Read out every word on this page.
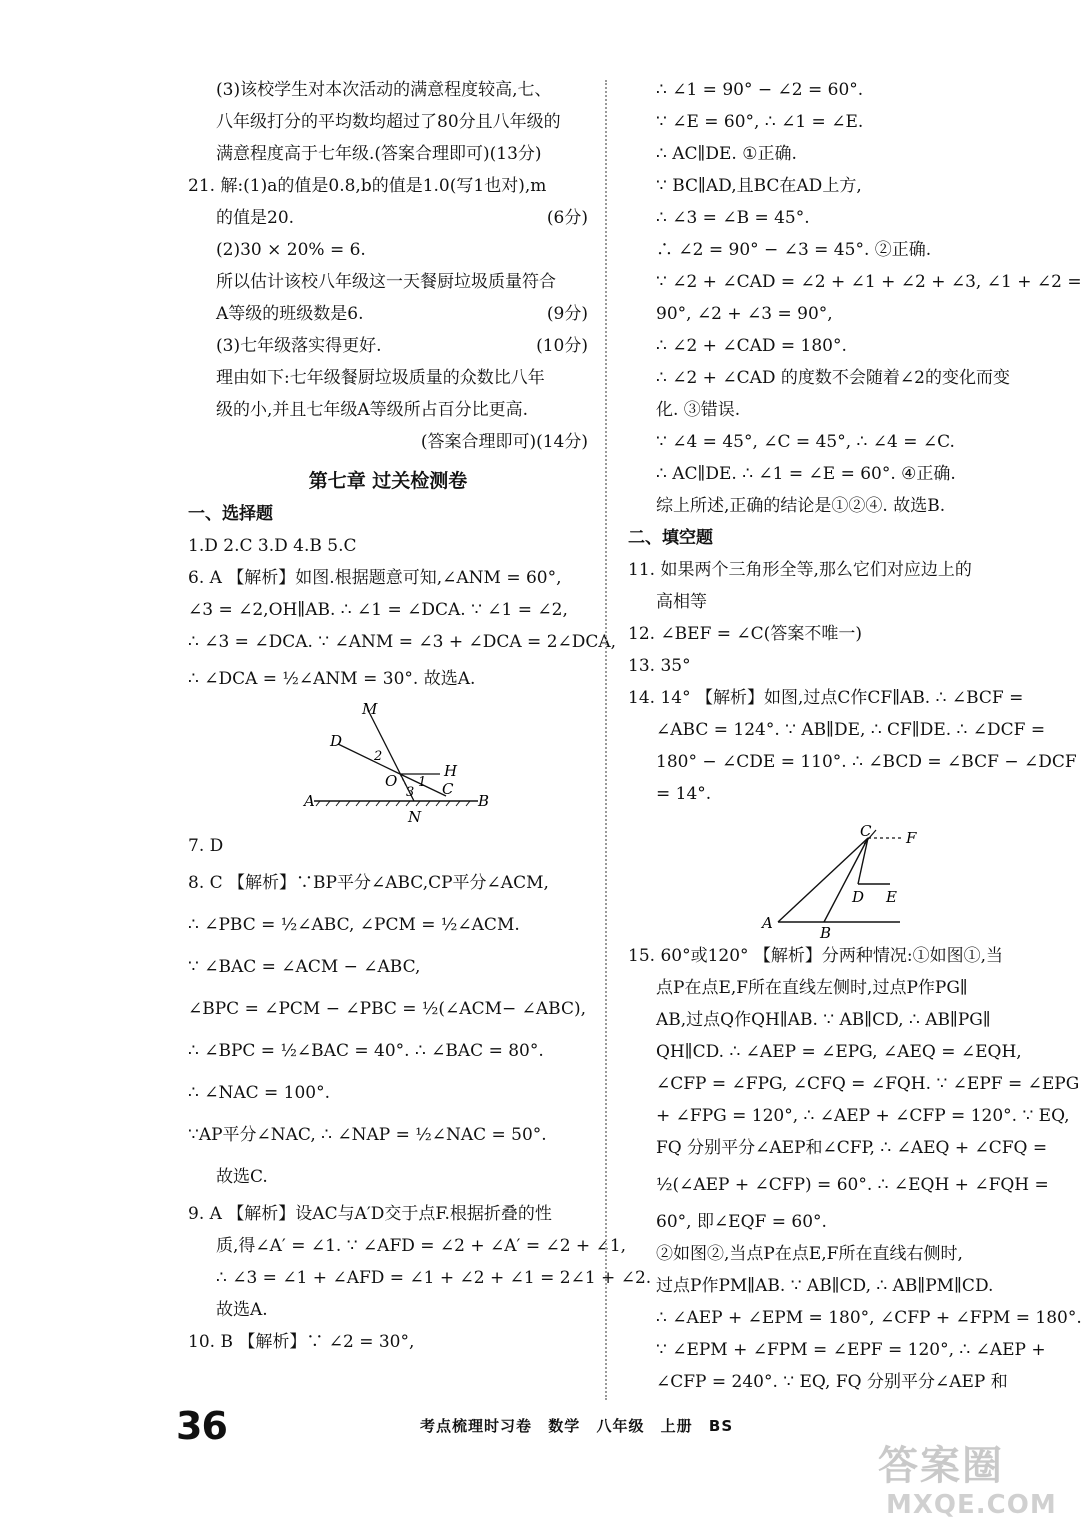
(3)该校学生对本次活动的满意程度较高,七、
八年级打分的平均数均超过了80分且八年级的
满意程度高于七年级.(答案合理即可)(13分)
21. 解:(1)a的值是0.8,b的值是1.0(写1也对),m
的值是20.	(6分)
(2)30 × 20% = 6.
所以估计该校八年级这一天餐厨垃圾质量符合
A等级的班级数是6.	(9分)
(3)七年级落实得更好.	(10分)
理由如下:七年级餐厨垃圾质量的众数比八年
级的小,并且七年级A等级所占百分比更高.
(答案合理即可)(14分)
第七章 过关检测卷
一、选择题
1.D 2.C 3.D 4.B 5.C
6. A 【解析】如图.根据题意可知,∠ANM = 60°,
∠3 = ∠2,OH∥AB. ∴ ∠1 = ∠DCA. ∵ ∠1 = ∠2,
∴ ∠3 = ∠DCA. ∵ ∠ANM = ∠3 + ∠DCA = 2∠DCA,
∴ ∠DCA = ½∠ANM = 30°. 故选A.
M
D
2
O 1
3
H
C
A
N
B
7. D
8. C 【解析】∵BP平分∠ABC,CP平分∠ACM,
∴ ∠PBC = ½∠ABC, ∠PCM = ½∠ACM.
∵ ∠BAC = ∠ACM − ∠ABC,
∠BPC = ∠PCM − ∠PBC = ½(∠ACM− ∠ABC),
∴ ∠BPC = ½∠BAC = 40°. ∴ ∠BAC = 80°.
∴ ∠NAC = 100°.
∵AP平分∠NAC, ∴ ∠NAP = ½∠NAC = 50°.
故选C.
9. A 【解析】设AC与A′D交于点F.根据折叠的性
质,得∠A′ = ∠1. ∵ ∠AFD = ∠2 + ∠A′ = ∠2 + ∠1,
∴ ∠3 = ∠1 + ∠AFD = ∠1 + ∠2 + ∠1 = 2∠1 + ∠2.
故选A.
10. B 【解析】∵ ∠2 = 30°,
∴ ∠1 = 90° − ∠2 = 60°.
∵ ∠E = 60°, ∴ ∠1 = ∠E.
∴ AC∥DE. ①正确.
∵ BC∥AD,且BC在AD上方,
∴ ∠3 = ∠B = 45°.
∴ ∠2 = 90° − ∠3 = 45°. ②正确.
∵ ∠2 + ∠CAD = ∠2 + ∠1 + ∠2 + ∠3, ∠1 + ∠2 =
90°, ∠2 + ∠3 = 90°,
∴ ∠2 + ∠CAD = 180°.
∴ ∠2 + ∠CAD 的度数不会随着∠2的变化而变
化. ③错误.
∵ ∠4 = 45°, ∠C = 45°, ∴ ∠4 = ∠C.
∴ AC∥DE. ∴ ∠1 = ∠E = 60°. ④正确.
综上所述,正确的结论是①②④. 故选B.
二、填空题
11. 如果两个三角形全等,那么它们对应边上的
高相等
12. ∠BEF = ∠C(答案不唯一)
13. 35°
14. 14° 【解析】如图,过点C作CF∥AB. ∴ ∠BCF =
∠ABC = 124°. ∵ AB∥DE, ∴ CF∥DE. ∴ ∠DCF =
180° − ∠CDE = 110°. ∴ ∠BCD = ∠BCF − ∠DCF
= 14°.
C F
D E
A
B
15. 60°或120° 【解析】分两种情况:①如图①,当
点P在点E,F所在直线左侧时,过点P作PG∥
AB,过点Q作QH∥AB. ∵ AB∥CD, ∴ AB∥PG∥
QH∥CD. ∴ ∠AEP = ∠EPG, ∠AEQ = ∠EQH,
∠CFP = ∠FPG, ∠CFQ = ∠FQH. ∵ ∠EPF = ∠EPG
+ ∠FPG = 120°, ∴ ∠AEP + ∠CFP = 120°. ∵ EQ,
FQ 分别平分∠AEP和∠CFP, ∴ ∠AEQ + ∠CFQ =
½(∠AEP + ∠CFP) = 60°. ∴ ∠EQH + ∠FQH =
60°, 即∠EQF = 60°.
②如图②,当点P在点E,F所在直线右侧时,
过点P作PM∥AB. ∵ AB∥CD, ∴ AB∥PM∥CD.
∴ ∠AEP + ∠EPM = 180°, ∠CFP + ∠FPM = 180°.
∵ ∠EPM + ∠FPM = ∠EPF = 120°, ∴ ∠AEP +
∠CFP = 240°. ∵ EQ, FQ 分别平分∠AEP 和
36	考点梳理时习卷 数学 八年级 上册 BS
答案圈
MXQE.COM
